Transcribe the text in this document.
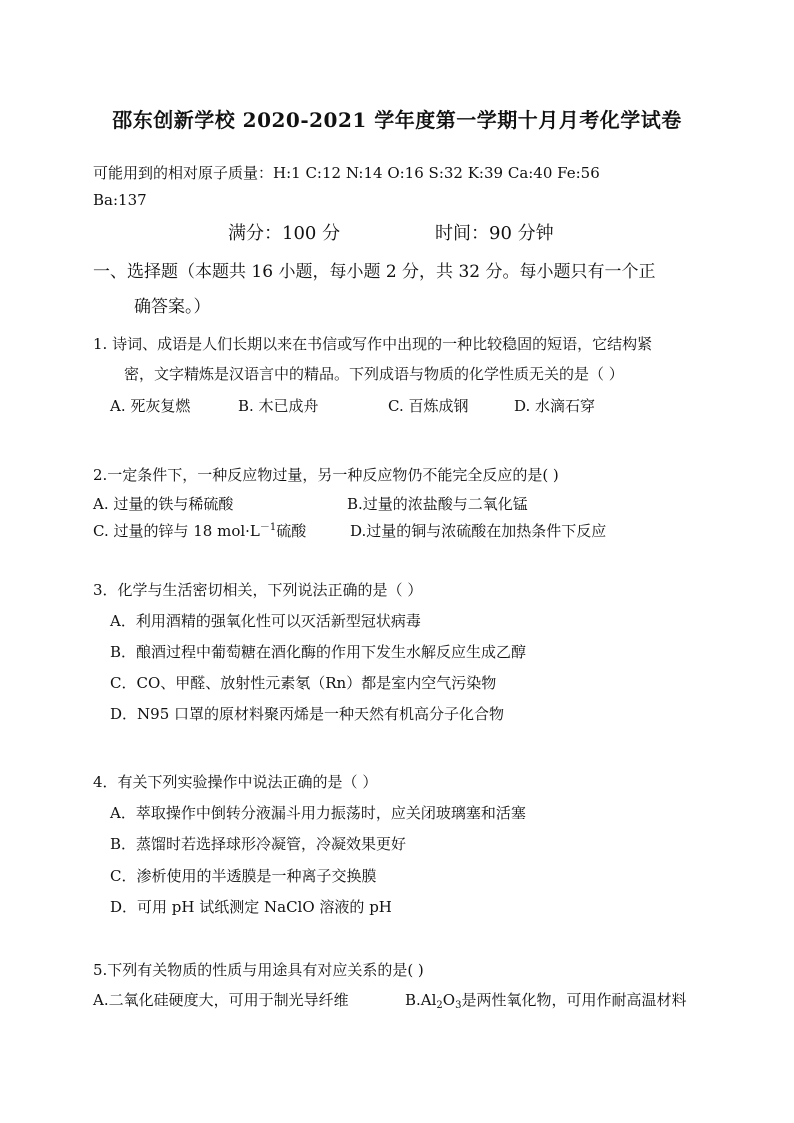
邵东创新学校 2020-2021 学年度第一学期十月月考化学试卷
可能用到的相对原子质量：H:1 C:12 N:14 O:16 S:32 K:39 Ca:40 Fe:56
Ba:137
满分：100 分	时间：90 分钟
一、选择题（本题共 16 小题，每小题 2 分，共 32 分。每小题只有一个正
确答案。）
1. 诗词、成语是人们长期以来在书信或写作中出现的一种比较稳固的短语，它结构紧
密，文字精炼是汉语言中的精品。下列成语与物质的化学性质无关的是（ ）
A. 死灰复燃	B. 木已成舟	C. 百炼成钢	D. 水滴石穿
2.一定条件下，一种反应物过量，另一种反应物仍不能完全反应的是( )
A. 过量的铁与稀硫酸	B.过量的浓盐酸与二氧化锰
C. 过量的锌与 18 $mol\cdot L^{-1}$硫酸	D.过量的铜与浓硫酸在加热条件下反应
3．化学与生活密切相关，下列说法正确的是（ ）
A．利用酒精的强氧化性可以灭活新型冠状病毒
B．酿酒过程中葡萄糖在酒化酶的作用下发生水解反应生成乙醇
C．CO、甲醛、放射性元素氡（Rn）都是室内空气污染物
D．N95 口罩的原材料聚丙烯是一种天然有机高分子化合物
4．有关下列实验操作中说法正确的是（ ）
A．萃取操作中倒转分液漏斗用力振荡时，应关闭玻璃塞和活塞
B．蒸馏时若选择球形冷凝管，冷凝效果更好
C．渗析使用的半透膜是一种离子交换膜
D．可用 pH 试纸测定 NaClO 溶液的 pH
5.下列有关物质的性质与用途具有对应关系的是( )
A.二氧化硅硬度大，可用于制光导纤维	$B.Al_2O_3$是两性氧化物，可用作耐高温材料
